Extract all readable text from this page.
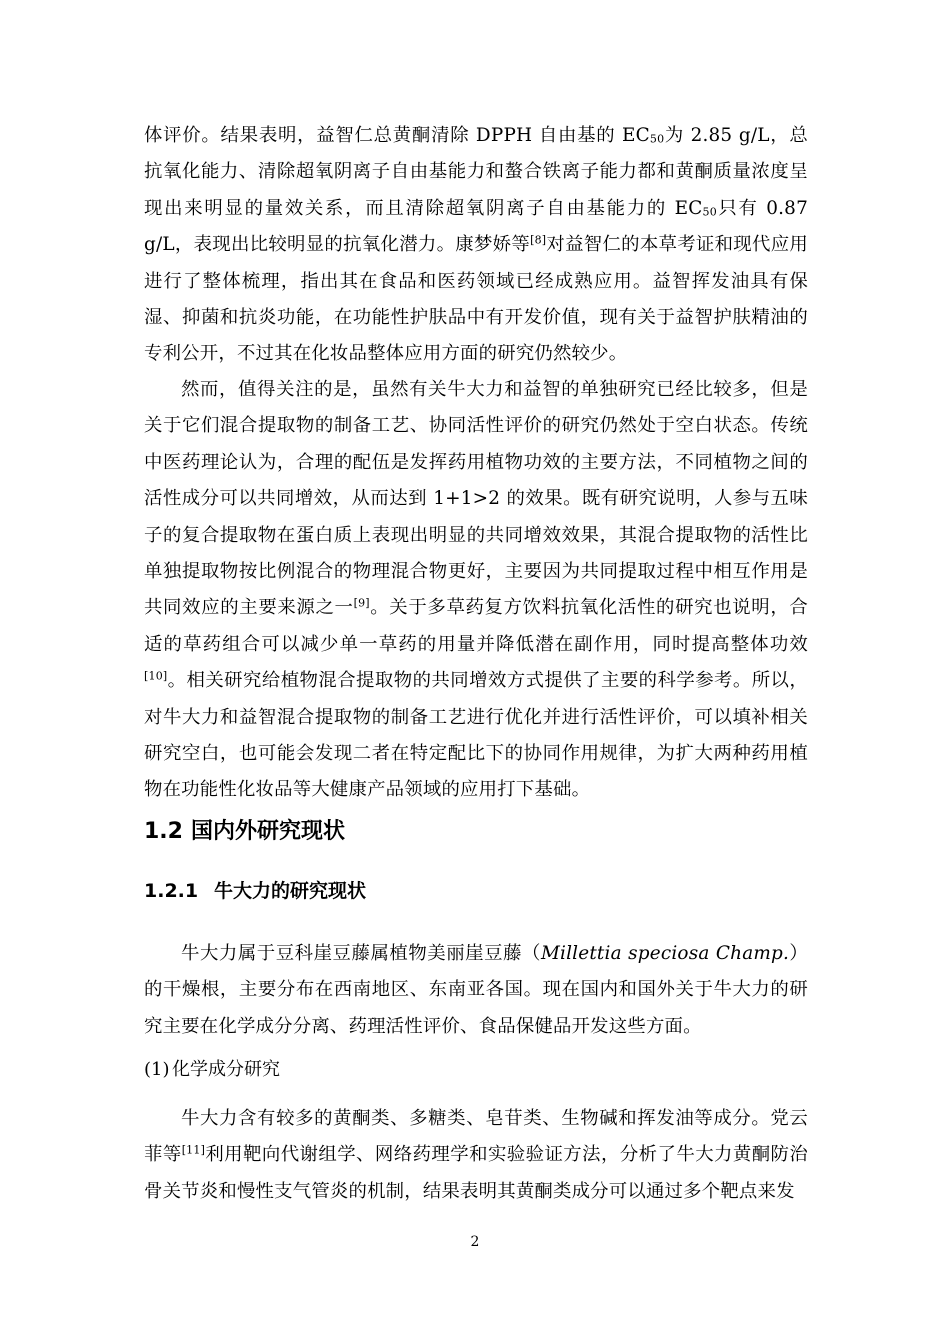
体评价。结果表明，益智仁总黄酮清除 DPPH 自由基的 $EC_{50}$为 2.85 g/L，总抗氧化能力、清除超氧阴离子自由基能力和螯合铁离子能力都和黄酮质量浓度呈现出来明显的量效关系，而且清除超氧阴离子自由基能力的 $EC_{50}$只有 0.87 g/L，表现出比较明显的抗氧化潜力。康梦娇等[8]对益智仁的本草考证和现代应用进行了整体梳理，指出其在食品和医药领域已经成熟应用。益智挥发油具有保湿、抑菌和抗炎功能，在功能性护肤品中有开发价值，现有关于益智护肤精油的专利公开，不过其在化妆品整体应用方面的研究仍然较少。

然而，值得关注的是，虽然有关牛大力和益智的单独研究已经比较多，但是关于它们混合提取物的制备工艺、协同活性评价的研究仍然处于空白状态。传统中医药理论认为，合理的配伍是发挥药用植物功效的主要方法，不同植物之间的活性成分可以共同增效，从而达到 1+1>2 的效果。既有研究说明，人参与五味子的复合提取物在蛋白质上表现出明显的共同增效效果，其混合提取物的活性比单独提取物按比例混合的物理混合物更好，主要因为共同提取过程中相互作用是共同效应的主要来源之一[9]。关于多草药复方饮料抗氧化活性的研究也说明，合适的草药组合可以减少单一草药的用量并降低潜在副作用，同时提高整体功效[10]。相关研究给植物混合提取物的共同增效方式提供了主要的科学参考。所以，对牛大力和益智混合提取物的制备工艺进行优化并进行活性评价，可以填补相关研究空白，也可能会发现二者在特定配比下的协同作用规律，为扩大两种药用植物在功能性化妆品等大健康产品领域的应用打下基础。

1.2 国内外研究现状

1.2.1 牛大力的研究现状

牛大力属于豆科崖豆藤属植物美丽崖豆藤（Millettia speciosa Champ.）的干燥根，主要分布在西南地区、东南亚各国。现在国内和国外关于牛大力的研究主要在化学成分分离、药理活性评价、食品保健品开发这些方面。

(1) 化学成分研究

牛大力含有较多的黄酮类、多糖类、皂苷类、生物碱和挥发油等成分。党云菲等[11]利用靶向代谢组学、网络药理学和实验验证方法，分析了牛大力黄酮防治骨关节炎和慢性支气管炎的机制，结果表明其黄酮类成分可以通过多个靶点来发

2
